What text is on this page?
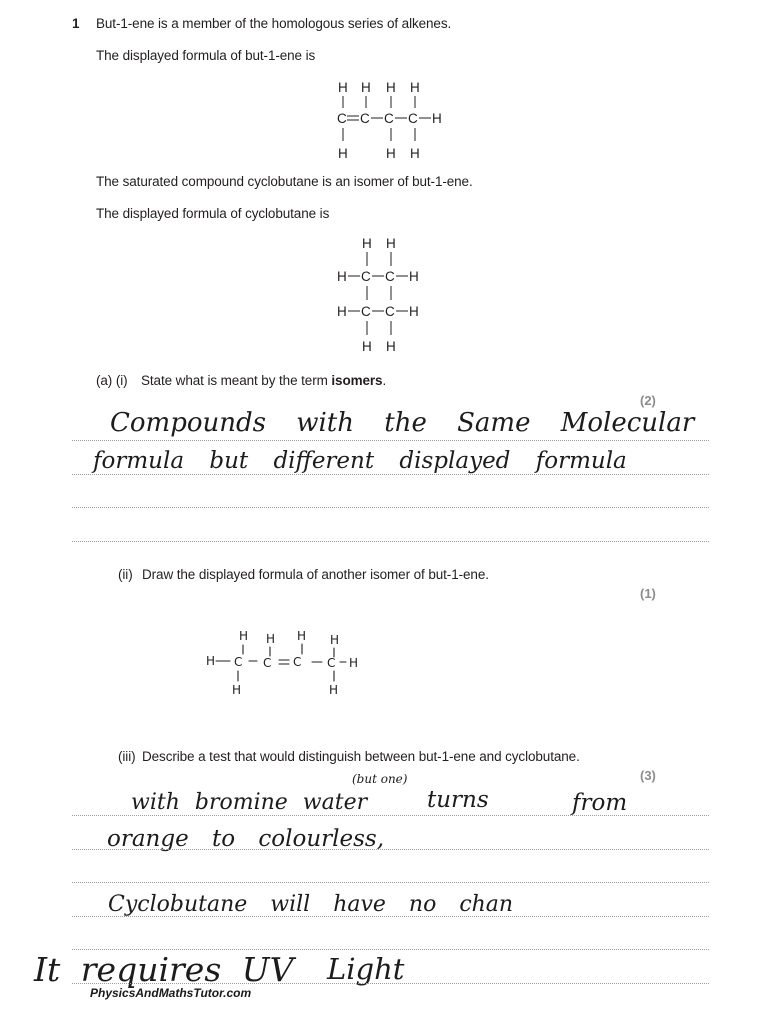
1 But-1-ene is a member of the homologous series of alkenes.
The displayed formula of but-1-ene is
H H H H
C C C C H
H	H H
The saturated compound cyclobutane is an isomer of but-1-ene.
The displayed formula of cyclobutane is
H H
H C C H
H C C H
H H
(a) (i) State what is meant by the term isomers.
(2)
Compounds with the Same Molecular
formula but different displayed formula
(ii) Draw the displayed formula of another isomer of but-1-ene.
(1)
H H H H
H C C C C H
H	H
(iii) Describe a test that would distinguish between but-1-ene and cyclobutane.
(3)
(but one)
with bromine water	turns	from
orange to colourless,
Cyclobutane will have no chan
It requires UV Light
PhysicsAndMathsTutor.com
